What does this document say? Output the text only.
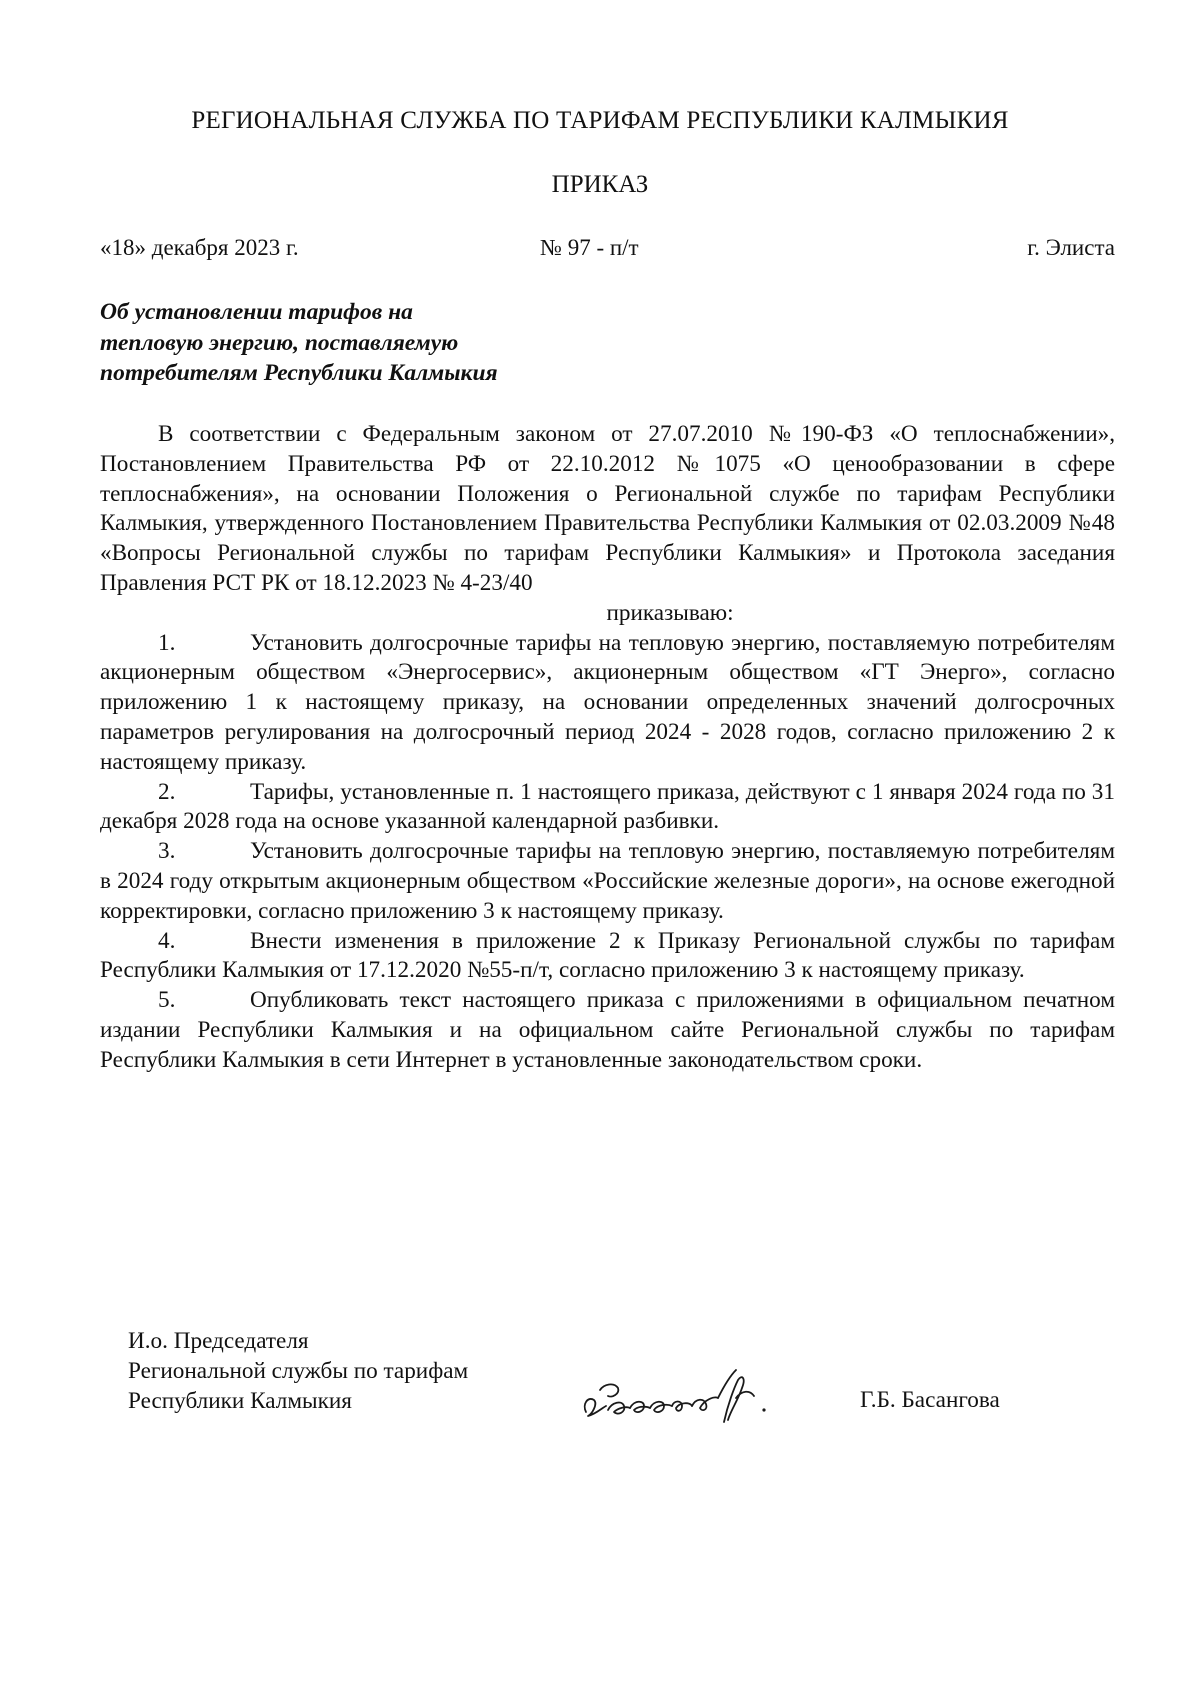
РЕГИОНАЛЬНАЯ СЛУЖБА ПО ТАРИФАМ РЕСПУБЛИКИ КАЛМЫКИЯ
ПРИКАЗ
«18» декабря 2023 г.	№ 97 - п/т	г. Элиста
Об установлении тарифов на
тепловую энергию, поставляемую
потребителям Республики Калмыкия

В соответствии с Федеральным законом от 27.07.2010 №190-ФЗ «О теплоснабжении», Постановлением Правительства РФ от 22.10.2012 №1075 «О ценообразовании в сфере теплоснабжения», на основании Положения о Региональной службе по тарифам Республики Калмыкия, утвержденного Постановлением Правительства Республики Калмыкия от 02.03.2009 №48 «Вопросы Региональной службы по тарифам Республики Калмыкия» и Протокола заседания Правления РСТ РК от 18.12.2023 № 4-23/40

приказываю:

1.	Установить долгосрочные тарифы на тепловую энергию, поставляемую потребителям акционерным обществом «Энергосервис», акционерным обществом «ГТ Энерго», согласно приложению 1 к настоящему приказу, на основании определенных значений долгосрочных параметров регулирования на долгосрочный период 2024 - 2028 годов, согласно приложению 2 к настоящему приказу.

2.	Тарифы, установленные п. 1 настоящего приказа, действуют с 1 января 2024 года по 31 декабря 2028 года на основе указанной календарной разбивки.

3.	Установить долгосрочные тарифы на тепловую энергию, поставляемую потребителям в 2024 году открытым акционерным обществом «Российские железные дороги», на основе ежегодной корректировки, согласно приложению 3 к настоящему приказу.

4.	Внести изменения в приложение 2 к Приказу Региональной службы по тарифам Республики Калмыкия от 17.12.2020 №55-п/т, согласно приложению 3 к настоящему приказу.

5.	Опубликовать текст настоящего приказа с приложениями в официальном печатном издании Республики Калмыкия и на официальном сайте Региональной службы по тарифам Республики Калмыкия в сети Интернет в установленные законодательством сроки.

И.о. Председателя
Региональной службы по тарифам
Республики Калмыкия	Г.Б. Басангова
